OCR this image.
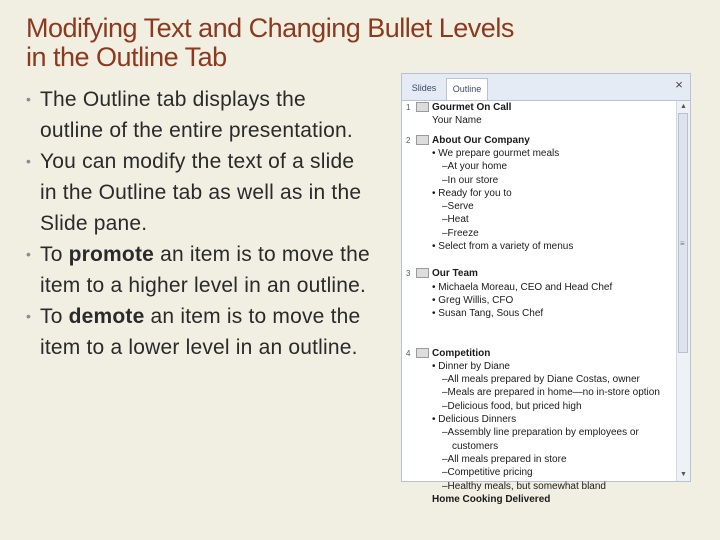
Modifying Text and Changing Bullet Levels
in the Outline Tab
• The Outline tab displays the outline of the entire presentation.
• You can modify the text of a slide in the Outline tab as well as in the Slide pane.
• To promote an item is to move the item to a higher level in an outline.
• To demote an item is to move the item to a lower level in an outline.
Slides	Outline	×
1 Gourmet On Call
Your Name
2 About Our Company
• We prepare gourmet meals
–At your home
–In our store
• Ready for you to
–Serve
–Heat
–Freeze
• Select from a variety of menus
3 Our Team
• Michaela Moreau, CEO and Head Chef
• Greg Willis, CFO
• Susan Tang, Sous Chef
4 Competition
• Dinner by Diane
–All meals prepared by Diane Costas, owner
–Meals are prepared in home—no in-store option
–Delicious food, but priced high
• Delicious Dinners
–Assembly line preparation by employees or
customers
–All meals prepared in store
–Competitive pricing
–Healthy meals, but somewhat bland
Home Cooking Delivered
▲
≡
▼
